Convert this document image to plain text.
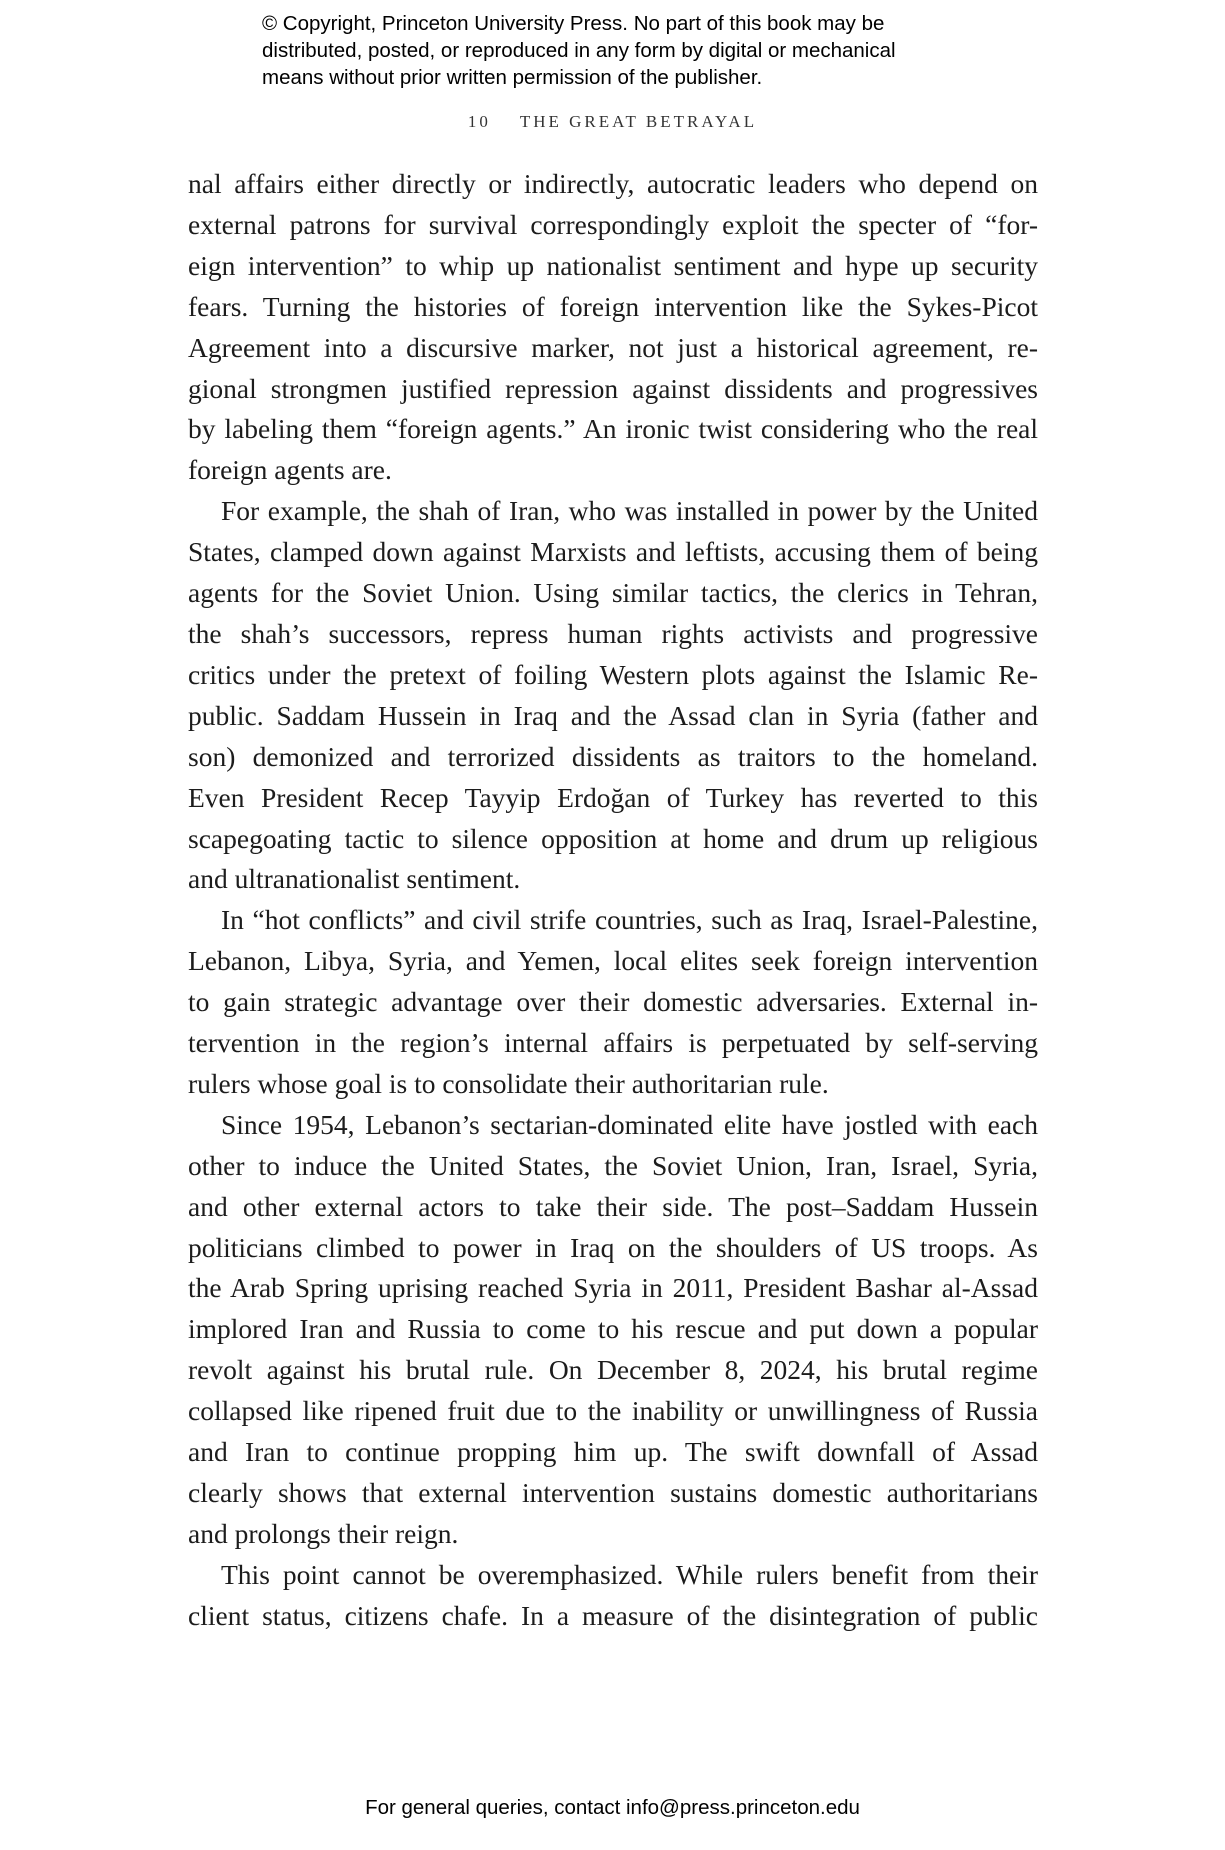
© Copyright, Princeton University Press. No part of this book may be
distributed, posted, or reproduced in any form by digital or mechanical
means without prior written permission of the publisher.
10 THE GREAT BETRAYAL

nal affairs either directly or indirectly, autocratic leaders who depend on
external patrons for survival correspondingly exploit the specter of “for-
eign intervention” to whip up nationalist sentiment and hype up security
fears. Turning the histories of foreign intervention like the Sykes-Picot
Agreement into a discursive marker, not just a historical agreement, re-
gional strongmen justified repression against dissidents and progressives
by labeling them “foreign agents.” An ironic twist considering who the real
foreign agents are.

For example, the shah of Iran, who was installed in power by the United
States, clamped down against Marxists and leftists, accusing them of being
agents for the Soviet Union. Using similar tactics, the clerics in Tehran,
the shah’s successors, repress human rights activists and progressive
critics under the pretext of foiling Western plots against the Islamic Re-
public. Saddam Hussein in Iraq and the Assad clan in Syria (father and
son) demonized and terrorized dissidents as traitors to the homeland.
Even President Recep Tayyip Erdoğan of Turkey has reverted to this
scapegoating tactic to silence opposition at home and drum up religious
and ultranationalist sentiment.

In “hot conflicts” and civil strife countries, such as Iraq, Israel-Palestine,
Lebanon, Libya, Syria, and Yemen, local elites seek foreign intervention
to gain strategic advantage over their domestic adversaries. External in-
tervention in the region’s internal affairs is perpetuated by self-serving
rulers whose goal is to consolidate their authoritarian rule.

Since 1954, Lebanon’s sectarian-dominated elite have jostled with each
other to induce the United States, the Soviet Union, Iran, Israel, Syria,
and other external actors to take their side. The post–Saddam Hussein
politicians climbed to power in Iraq on the shoulders of US troops. As
the Arab Spring uprising reached Syria in 2011, President Bashar al-Assad
implored Iran and Russia to come to his rescue and put down a popular
revolt against his brutal rule. On December 8, 2024, his brutal regime
collapsed like ripened fruit due to the inability or unwillingness of Russia
and Iran to continue propping him up. The swift downfall of Assad
clearly shows that external intervention sustains domestic authoritarians
and prolongs their reign.

This point cannot be overemphasized. While rulers benefit from their
client status, citizens chafe. In a measure of the disintegration of public

For general queries, contact info@press.princeton.edu
